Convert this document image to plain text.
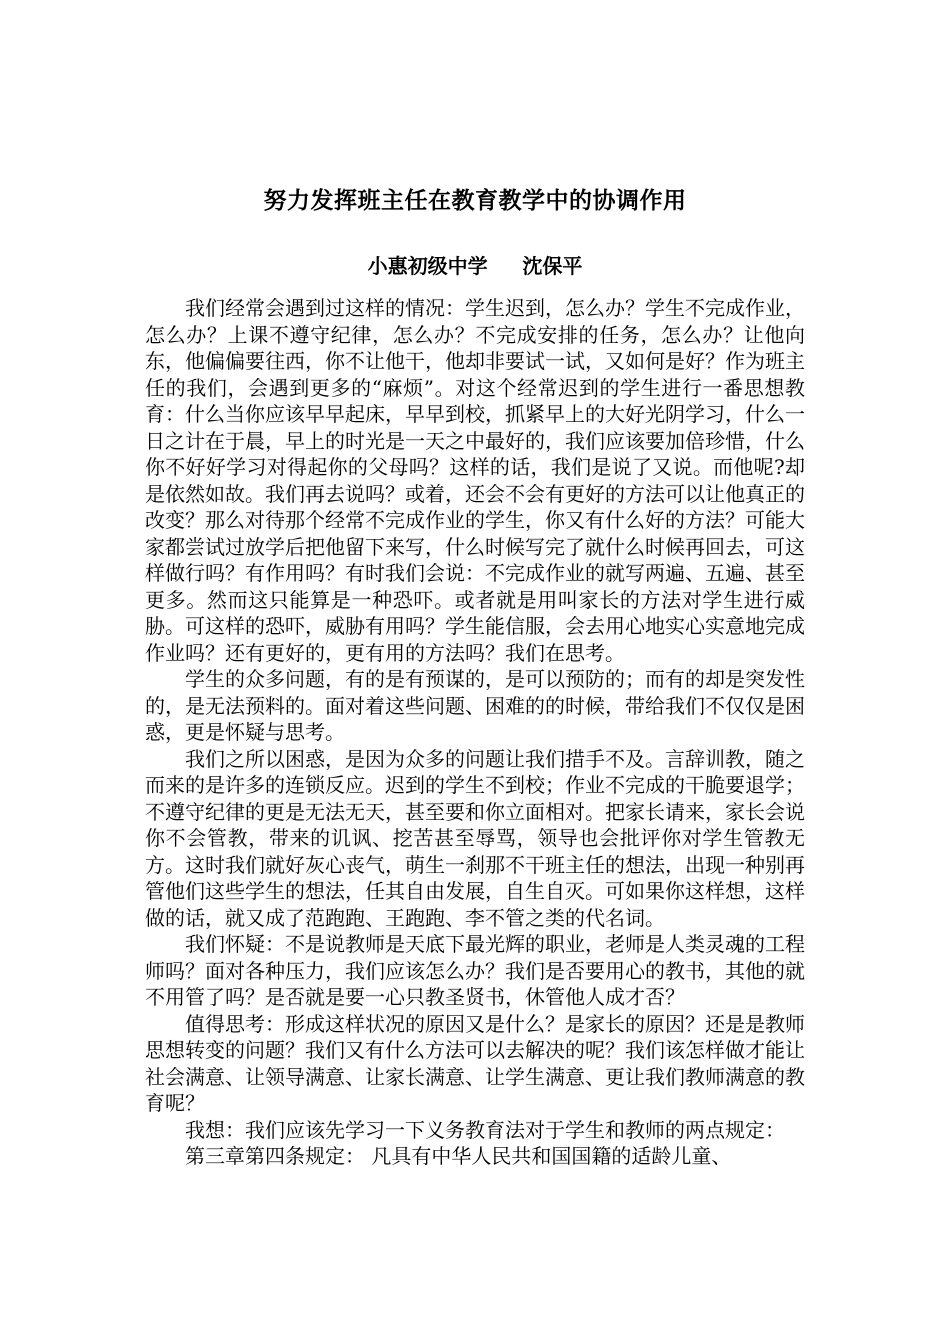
努力发挥班主任在教育教学中的协调作用
小惠初级中学     沈保平

我们经常会遇到过这样的情况：学生迟到，怎么办？学生不完成作业，怎么办？上课不遵守纪律，怎么办？不完成安排的任务，怎么办？让他向东，他偏偏要往西，你不让他干，他却非要试一试，又如何是好？作为班主任的我们，会遇到更多的“麻烦”。对这个经常迟到的学生进行一番思想教育：什么当你应该早早起床，早早到校，抓紧早上的大好光阴学习，什么一日之计在于晨，早上的时光是一天之中最好的，我们应该要加倍珍惜，什么你不好好学习对得起你的父母吗？这样的话，我们是说了又说。而他呢?却是依然如故。我们再去说吗？或着，还会不会有更好的方法可以让他真正的改变？那么对待那个经常不完成作业的学生，你又有什么好的方法？可能大家都尝试过放学后把他留下来写，什么时候写完了就什么时候再回去，可这样做行吗？有作用吗？有时我们会说：不完成作业的就写两遍、五遍、甚至更多。然而这只能算是一种恐吓。或者就是用叫家长的方法对学生进行威胁。可这样的恐吓，威胁有用吗？学生能信服，会去用心地实心实意地完成作业吗？还有更好的，更有用的方法吗？我们在思考。

学生的众多问题，有的是有预谋的，是可以预防的；而有的却是突发性的，是无法预料的。面对着这些问题、困难的的时候，带给我们不仅仅是困惑，更是怀疑与思考。

我们之所以困惑，是因为众多的问题让我们措手不及。言辞训教，随之而来的是许多的连锁反应。迟到的学生不到校；作业不完成的干脆要退学；不遵守纪律的更是无法无天，甚至要和你立面相对。把家长请来，家长会说你不会管教，带来的讥讽、挖苦甚至辱骂，领导也会批评你对学生管教无方。这时我们就好灰心丧气，萌生一刹那不干班主任的想法，出现一种别再管他们这些学生的想法，任其自由发展，自生自灭。可如果你这样想，这样做的话，就又成了范跑跑、王跑跑、李不管之类的代名词。

我们怀疑：不是说教师是天底下最光辉的职业，老师是人类灵魂的工程师吗？面对各种压力，我们应该怎么办？我们是否要用心的教书，其他的就不用管了吗？是否就是要一心只教圣贤书，休管他人成才否？

值得思考：形成这样状况的原因又是什么？是家长的原因？还是是教师思想转变的问题？我们又有什么方法可以去解决的呢？我们该怎样做才能让社会满意、让领导满意、让家长满意、让学生满意、更让我们教师满意的教育呢？

我想：我们应该先学习一下义务教育法对于学生和教师的两点规定：

第三章第四条规定： 凡具有中华人民共和国国籍的适龄儿童、
